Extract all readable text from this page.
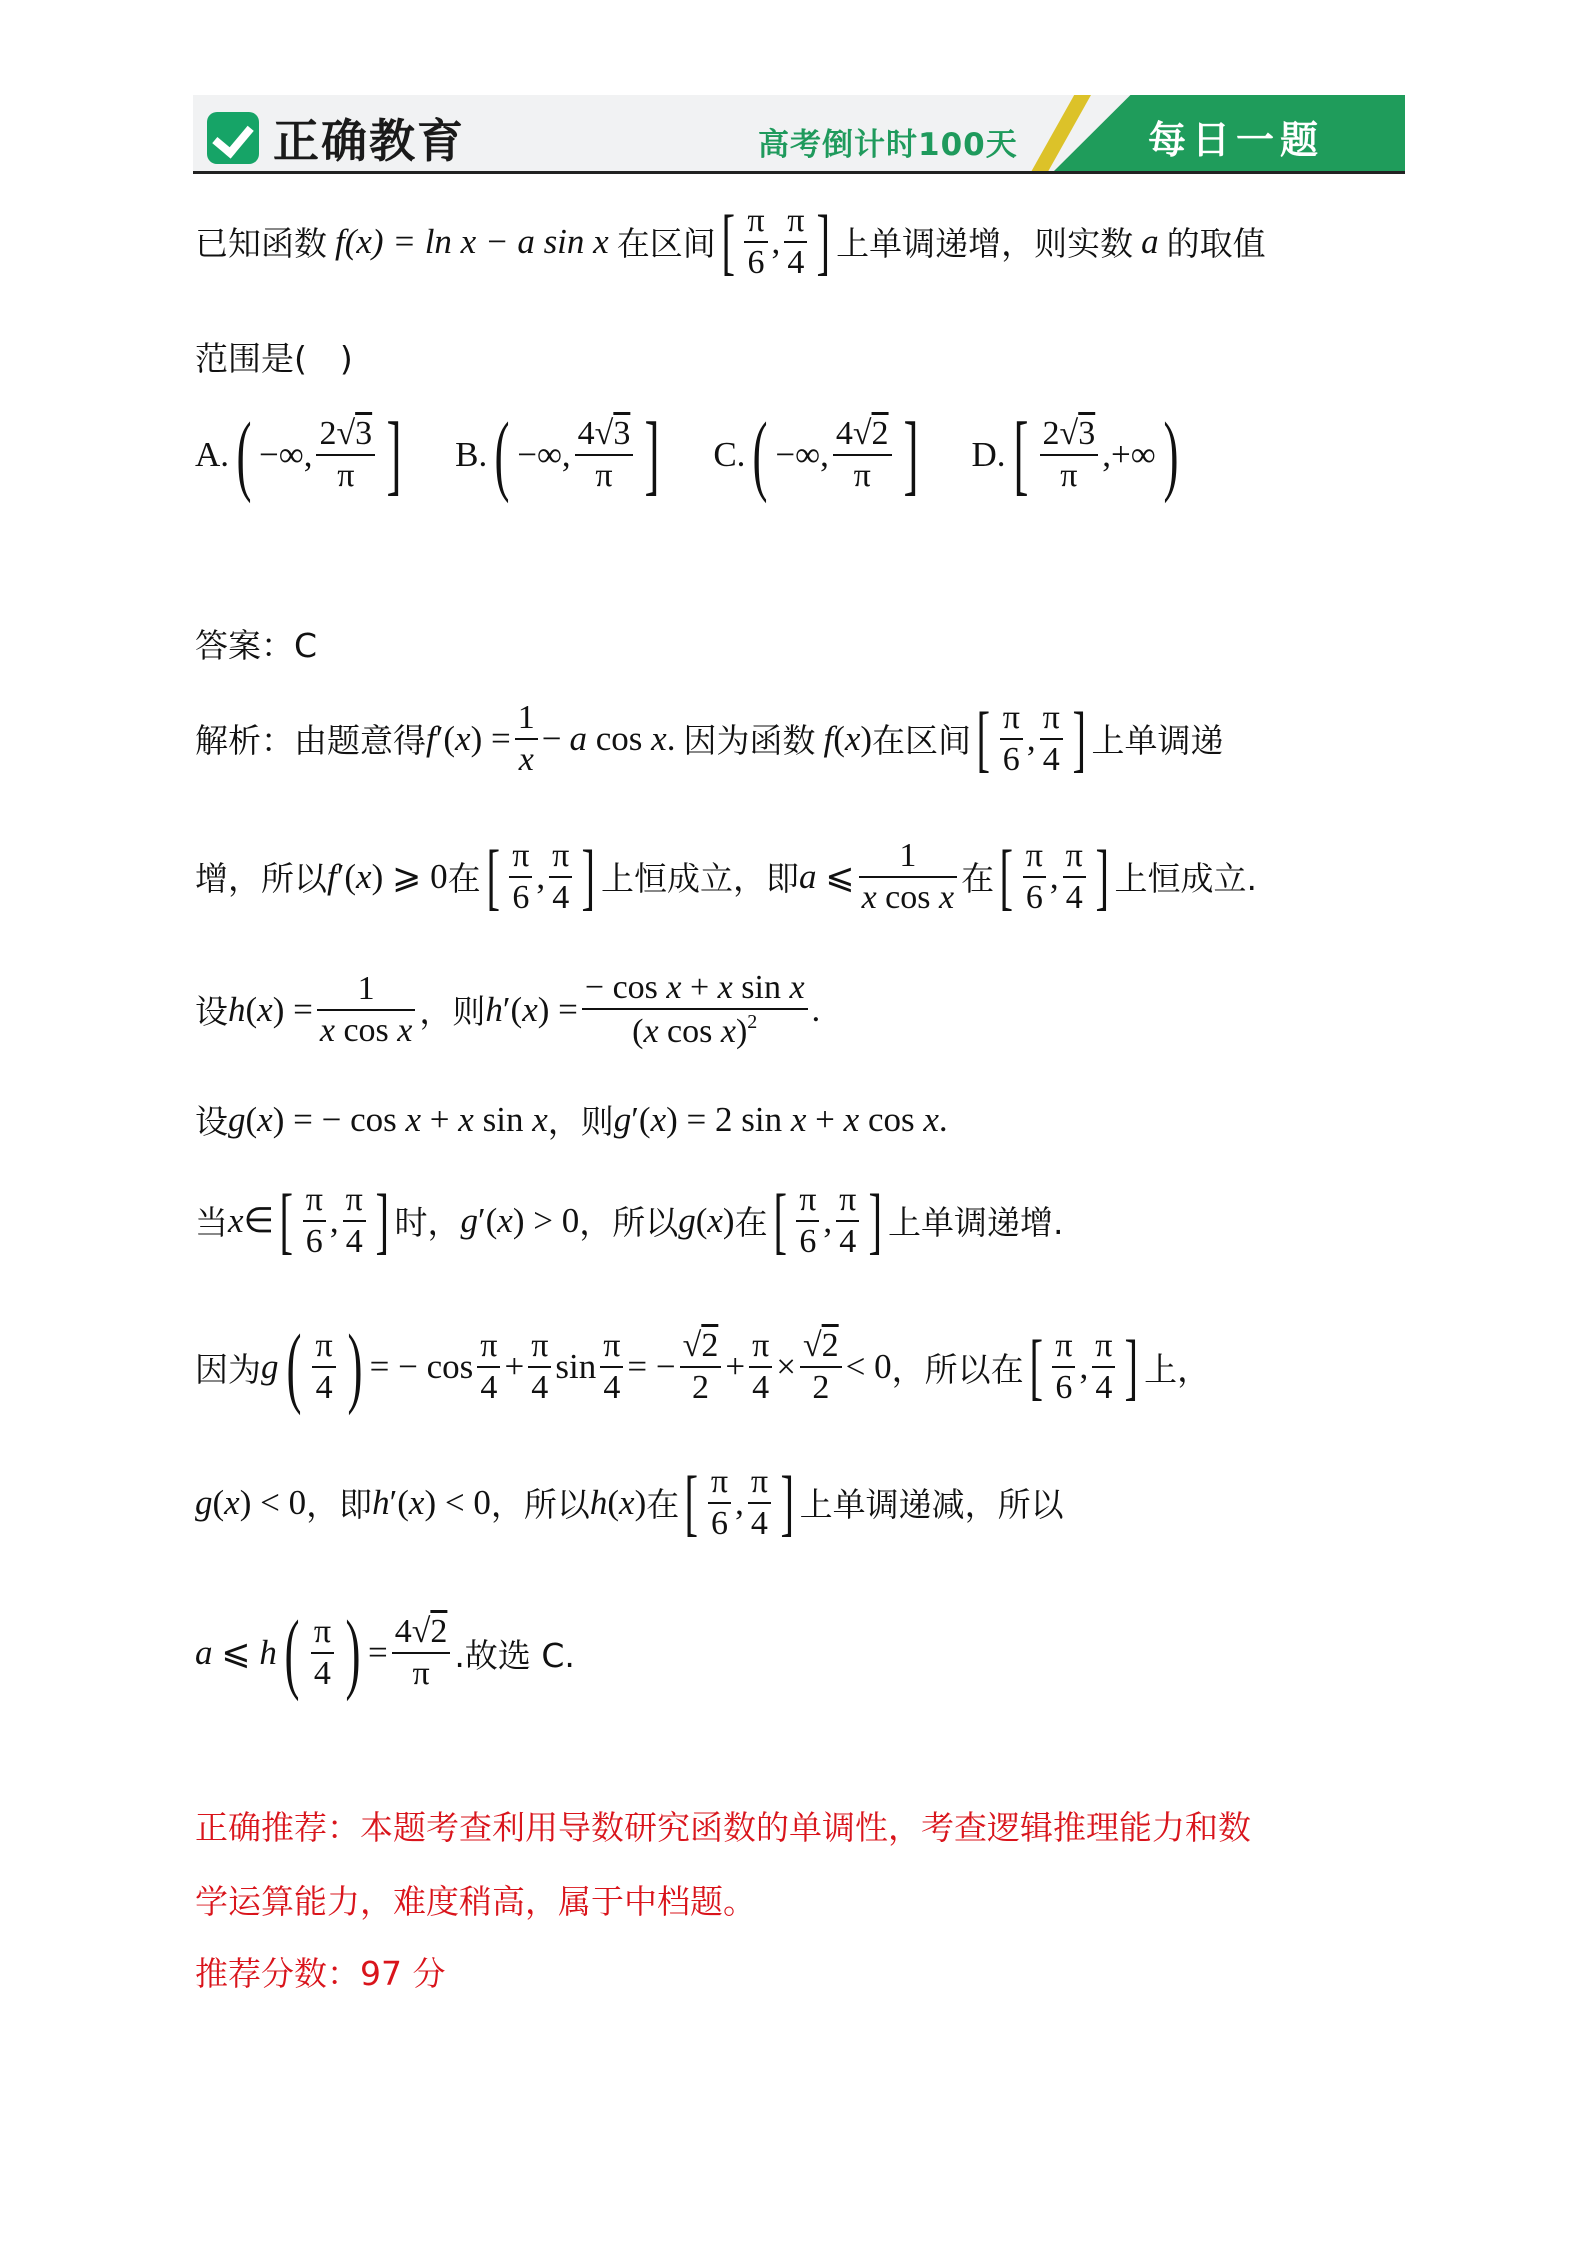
正确教育	高考倒计时100天	每日一题
已知函数 f(x) = ln x − a sin x 在区间 [ $\frac{\pi}{6}$ , $\frac{\pi}{4}$ ] 上单调递增，则实数 a 的取值
范围是(　)
A. ( −∞, $\frac{2√3}{\pi}$ ] B. ( −∞, $\frac{4√3}{\pi}$ ] C. ( −∞, $\frac{4√2}{\pi}$ ] D. [ $\frac{2√3}{\pi}$ ,+∞ )
答案：C
解析：由题意得 f ′( x ) = $\frac{1}{x} - a$ cos x . 因为函数 f ( x ) 在区间 [ $\frac{\pi}{6}$ , $\frac{\pi}{4}$ ] 上单调递
增，所以 f ′( x ) ⩾ 0 在 [ $\frac{\pi}{6}$ , $\frac{\pi}{4}$ ] 上恒成立，即 a ⩽ $\frac{1}{\text{x cos x}}$ 在 [ $\frac{\pi}{6}$ , $\frac{\pi}{4}$ ] 上恒成立.
设 h ( x ) = $\frac{1}{\text{x cos x}}$ ，则 h ′( x ) = $\frac{\text{− cos x + x sin x}}{(x \cos x)^2}$ .
设 g ( x ) = − cos x + x sin x ，则 g ′( x ) = 2 sin x + x cos x .
当 x ∈ [ $\frac{\pi}{6}$ , $\frac{\pi}{4}$ ] 时， g ′( x ) > 0 ，所以 g ( x ) 在 [ $\frac{\pi}{6}$ , $\frac{\pi}{4}$ ] 上单调递增.
因为 g ( $\frac{\pi}{4}$ ) = − $\cos \frac{\pi}{4} + \frac{\pi}{4}$ $\sin \frac{\pi}{4}$ = − $\frac{√2}{2} + \frac{\pi}{4} \times \frac{√2}{2} < 0$ ，所以在 [ $\frac{\pi}{6}$ , $\frac{\pi}{4}$ ] 上，
g ( x ) < 0 ，即 h ′( x ) < 0 ，所以 h ( x ) 在 [ $\frac{\pi}{6}$ , $\frac{\pi}{4}$ ] 上单调递减，所以
a ⩽ h ( $\frac{\pi}{4}$ ) = $\frac{4√2}{\pi}$ .故选 C.
正确推荐：本题考查利用导数研究函数的单调性，考查逻辑推理能力和数
学运算能力，难度稍高，属于中档题。
推荐分数：97 分
